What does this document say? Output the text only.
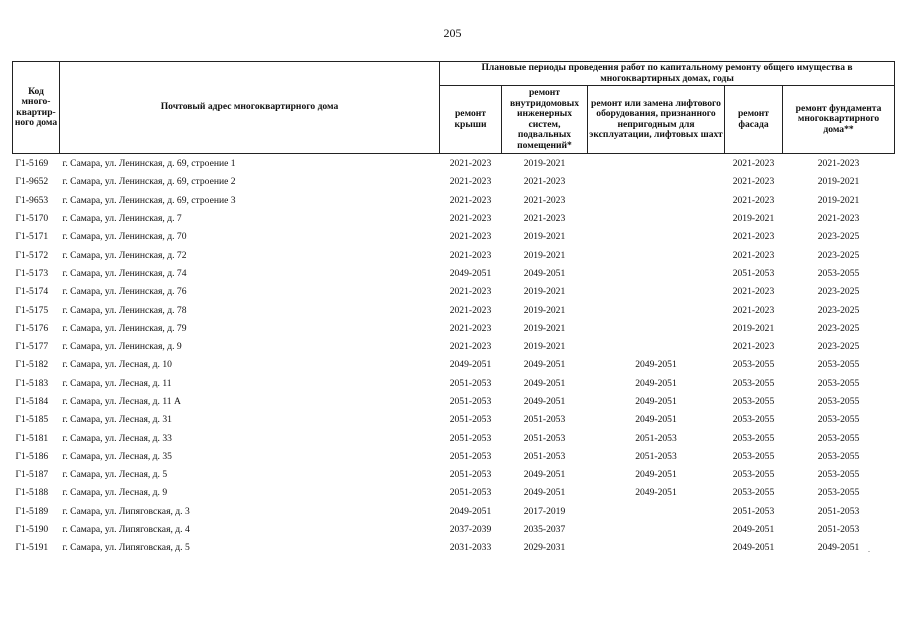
205
Код много-квартир-ного дома	Почтовый адрес многоквартирного дома	Плановые периоды проведения работ по капитальному ремонту общего имущества в многоквартирных домах, годы				
		ремонт крыши	ремонт внутридомовых инженерных систем, подвальных помещений*	ремонт или замена лифтового оборудования, признанного непригодным для эксплуатации, лифтовых шахт	ремонт фасада	ремонт фундамента многоквартирного дома**
Г1-5169	г. Самара, ул. Ленинская, д. 69, строение 1	2021-2023	2019-2021		2021-2023	2021-2023
Г1-9652	г. Самара, ул. Ленинская, д. 69, строение 2	2021-2023	2021-2023		2021-2023	2019-2021
Г1-9653	г. Самара, ул. Ленинская, д. 69, строение 3	2021-2023	2021-2023		2021-2023	2019-2021
Г1-5170	г. Самара, ул. Ленинская, д. 7	2021-2023	2021-2023		2019-2021	2021-2023
Г1-5171	г. Самара, ул. Ленинская, д. 70	2021-2023	2019-2021		2021-2023	2023-2025
Г1-5172	г. Самара, ул. Ленинская, д. 72	2021-2023	2019-2021		2021-2023	2023-2025
Г1-5173	г. Самара, ул. Ленинская, д. 74	2049-2051	2049-2051		2051-2053	2053-2055
Г1-5174	г. Самара, ул. Ленинская, д. 76	2021-2023	2019-2021		2021-2023	2023-2025
Г1-5175	г. Самара, ул. Ленинская, д. 78	2021-2023	2019-2021		2021-2023	2023-2025
Г1-5176	г. Самара, ул. Ленинская, д. 79	2021-2023	2019-2021		2019-2021	2023-2025
Г1-5177	г. Самара, ул. Ленинская, д. 9	2021-2023	2019-2021		2021-2023	2023-2025
Г1-5182	г. Самара, ул. Лесная, д. 10	2049-2051	2049-2051	2049-2051	2053-2055	2053-2055
Г1-5183	г. Самара, ул. Лесная, д. 11	2051-2053	2049-2051	2049-2051	2053-2055	2053-2055
Г1-5184	г. Самара, ул. Лесная, д. 11 А	2051-2053	2049-2051	2049-2051	2053-2055	2053-2055
Г1-5185	г. Самара, ул. Лесная, д. 31	2051-2053	2051-2053	2049-2051	2053-2055	2053-2055
Г1-5181	г. Самара, ул. Лесная, д. 33	2051-2053	2051-2053	2051-2053	2053-2055	2053-2055
Г1-5186	г. Самара, ул. Лесная, д. 35	2051-2053	2051-2053	2051-2053	2053-2055	2053-2055
Г1-5187	г. Самара, ул. Лесная, д. 5	2051-2053	2049-2051	2049-2051	2053-2055	2053-2055
Г1-5188	г. Самара, ул. Лесная, д. 9	2051-2053	2049-2051	2049-2051	2053-2055	2053-2055
Г1-5189	г. Самара, ул. Липяговская, д. 3	2049-2051	2017-2019		2051-2053	2051-2053
Г1-5190	г. Самара, ул. Липяговская, д. 4	2037-2039	2035-2037		2049-2051	2051-2053
Г1-5191	г. Самара, ул. Липяговская, д. 5	2031-2033	2029-2031		2049-2051	2049-2051 .
